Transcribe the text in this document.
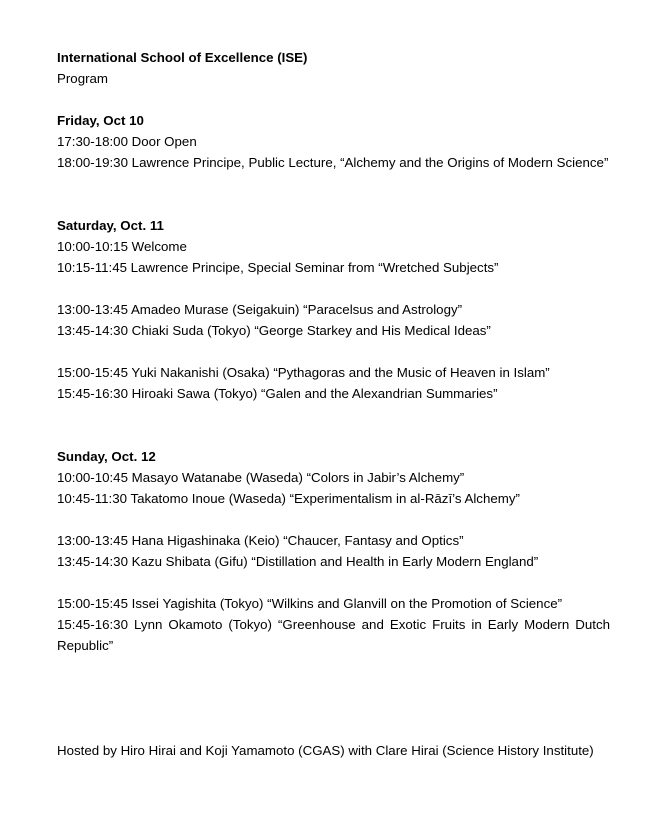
International School of Excellence (ISE)

Program

Friday, Oct 10

17:30-18:00 Door Open

18:00-19:30 Lawrence Principe, Public Lecture, “Alchemy and the Origins of Modern Science”

Saturday, Oct. 11

10:00-10:15 Welcome

10:15-11:45 Lawrence Principe, Special Seminar from “Wretched Subjects”

13:00-13:45 Amadeo Murase (Seigakuin) “Paracelsus and Astrology”

13:45-14:30 Chiaki Suda (Tokyo) “George Starkey and His Medical Ideas”

15:00-15:45 Yuki Nakanishi (Osaka) “Pythagoras and the Music of Heaven in Islam”

15:45-16:30 Hiroaki Sawa (Tokyo) “Galen and the Alexandrian Summaries”

Sunday, Oct. 12

10:00-10:45 Masayo Watanabe (Waseda) “Colors in Jabir’s Alchemy”

10:45-11:30 Takatomo Inoue (Waseda) “Experimentalism in al-Rāzī’s Alchemy”

13:00-13:45 Hana Higashinaka (Keio) “Chaucer, Fantasy and Optics”

13:45-14:30 Kazu Shibata (Gifu) “Distillation and Health in Early Modern England”

15:00-15:45 Issei Yagishita (Tokyo) “Wilkins and Glanvill on the Promotion of Science”

15:45-16:30 Lynn Okamoto (Tokyo) “Greenhouse and Exotic Fruits in Early Modern Dutch Republic”

Hosted by Hiro Hirai and Koji Yamamoto (CGAS) with Clare Hirai (Science History Institute)
